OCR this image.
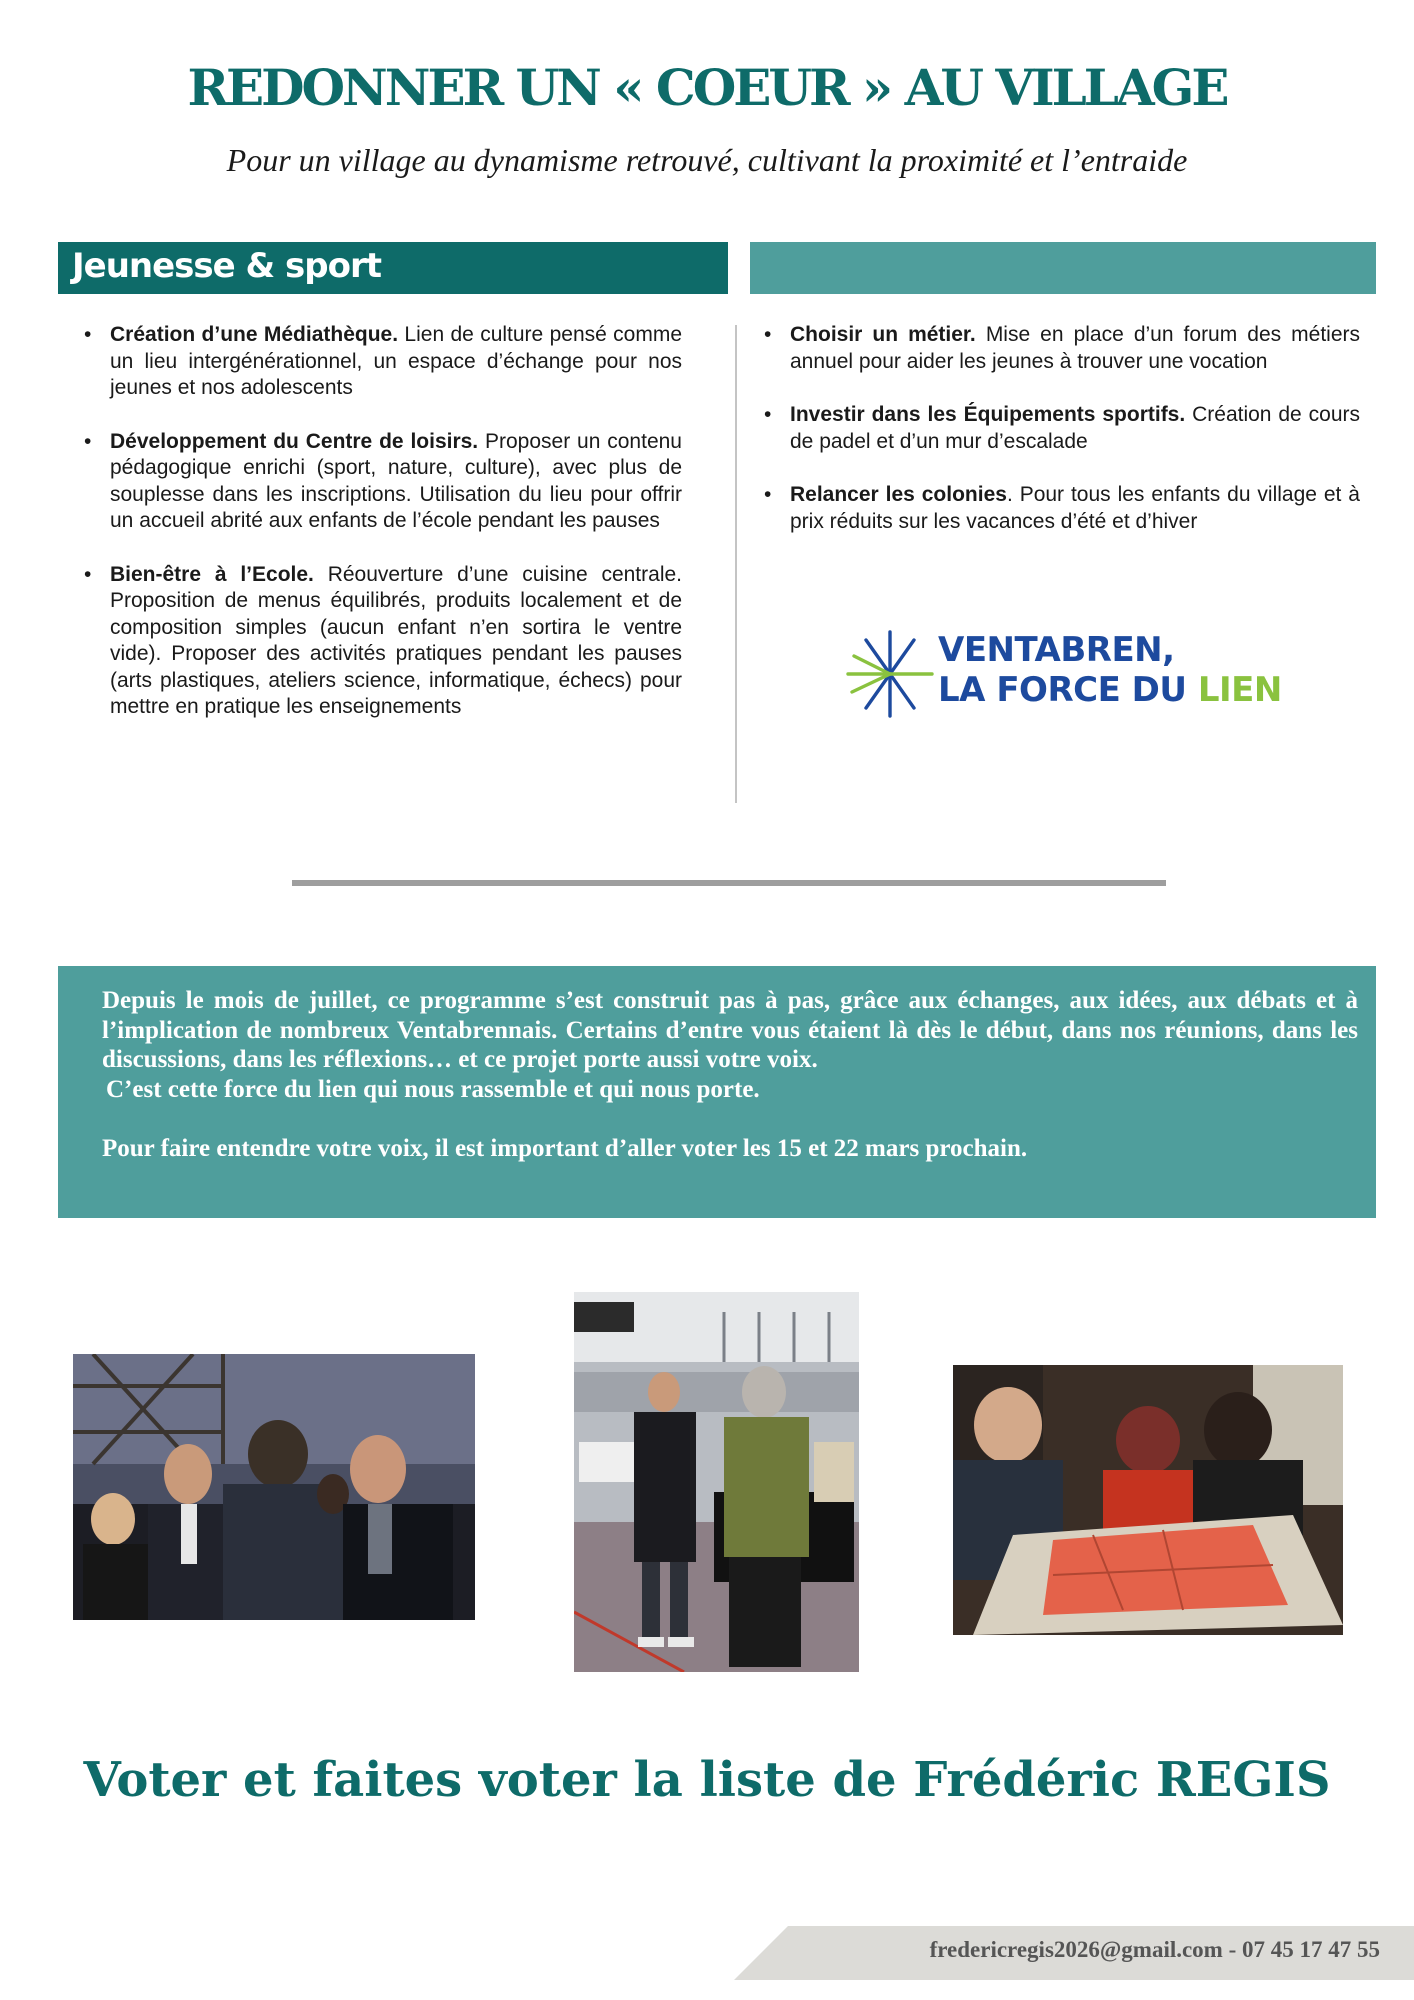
REDONNER UN « COEUR » AU VILLAGE
Pour un village au dynamisme retrouvé, cultivant la proximité et l’entraide
Jeunesse & sport
• Création d’une Médiathèque. Lien de culture pensé comme un lieu intergénérationnel, un espace d’échange pour nos jeunes et nos adolescents
• Développement du Centre de loisirs. Proposer un contenu pédagogique enrichi (sport, nature, culture), avec plus de souplesse dans les inscriptions. Utilisation du lieu pour offrir un accueil abrité aux enfants de l’école pendant les pauses
• Bien-être à l’Ecole. Réouverture d’une cuisine centrale. Proposition de menus équilibrés, produits localement et de composition simples (aucun enfant n’en sortira le ventre vide). Proposer des activités pratiques pendant les pauses (arts plastiques, ateliers science, informatique, échecs) pour mettre en pratique les enseignements
• Choisir un métier. Mise en place d’un forum des métiers annuel pour aider les jeunes à trouver une vocation
• Investir dans les Équipements sportifs. Création de cours de padel et d’un mur d’escalade
• Relancer les colonies. Pour tous les enfants du village et à prix réduits sur les vacances d’été et d’hiver
VENTABREN,
LA FORCE DU LIEN

Depuis le mois de juillet, ce programme s’est construit pas à pas, grâce aux échanges, aux idées, aux débats et à l’implication de nombreux Ventabrennais. Certains d’entre vous étaient là dès le début, dans nos réunions, dans les discussions, dans les réflexions… et ce projet porte aussi votre voix.

C’est cette force du lien qui nous rassemble et qui nous porte.

Pour faire entendre votre voix, il est important d’aller voter les 15 et 22 mars prochain.

Voter et faites voter la liste de Frédéric REGIS
fredericregis2026@gmail.com - 07 45 17 47 55
